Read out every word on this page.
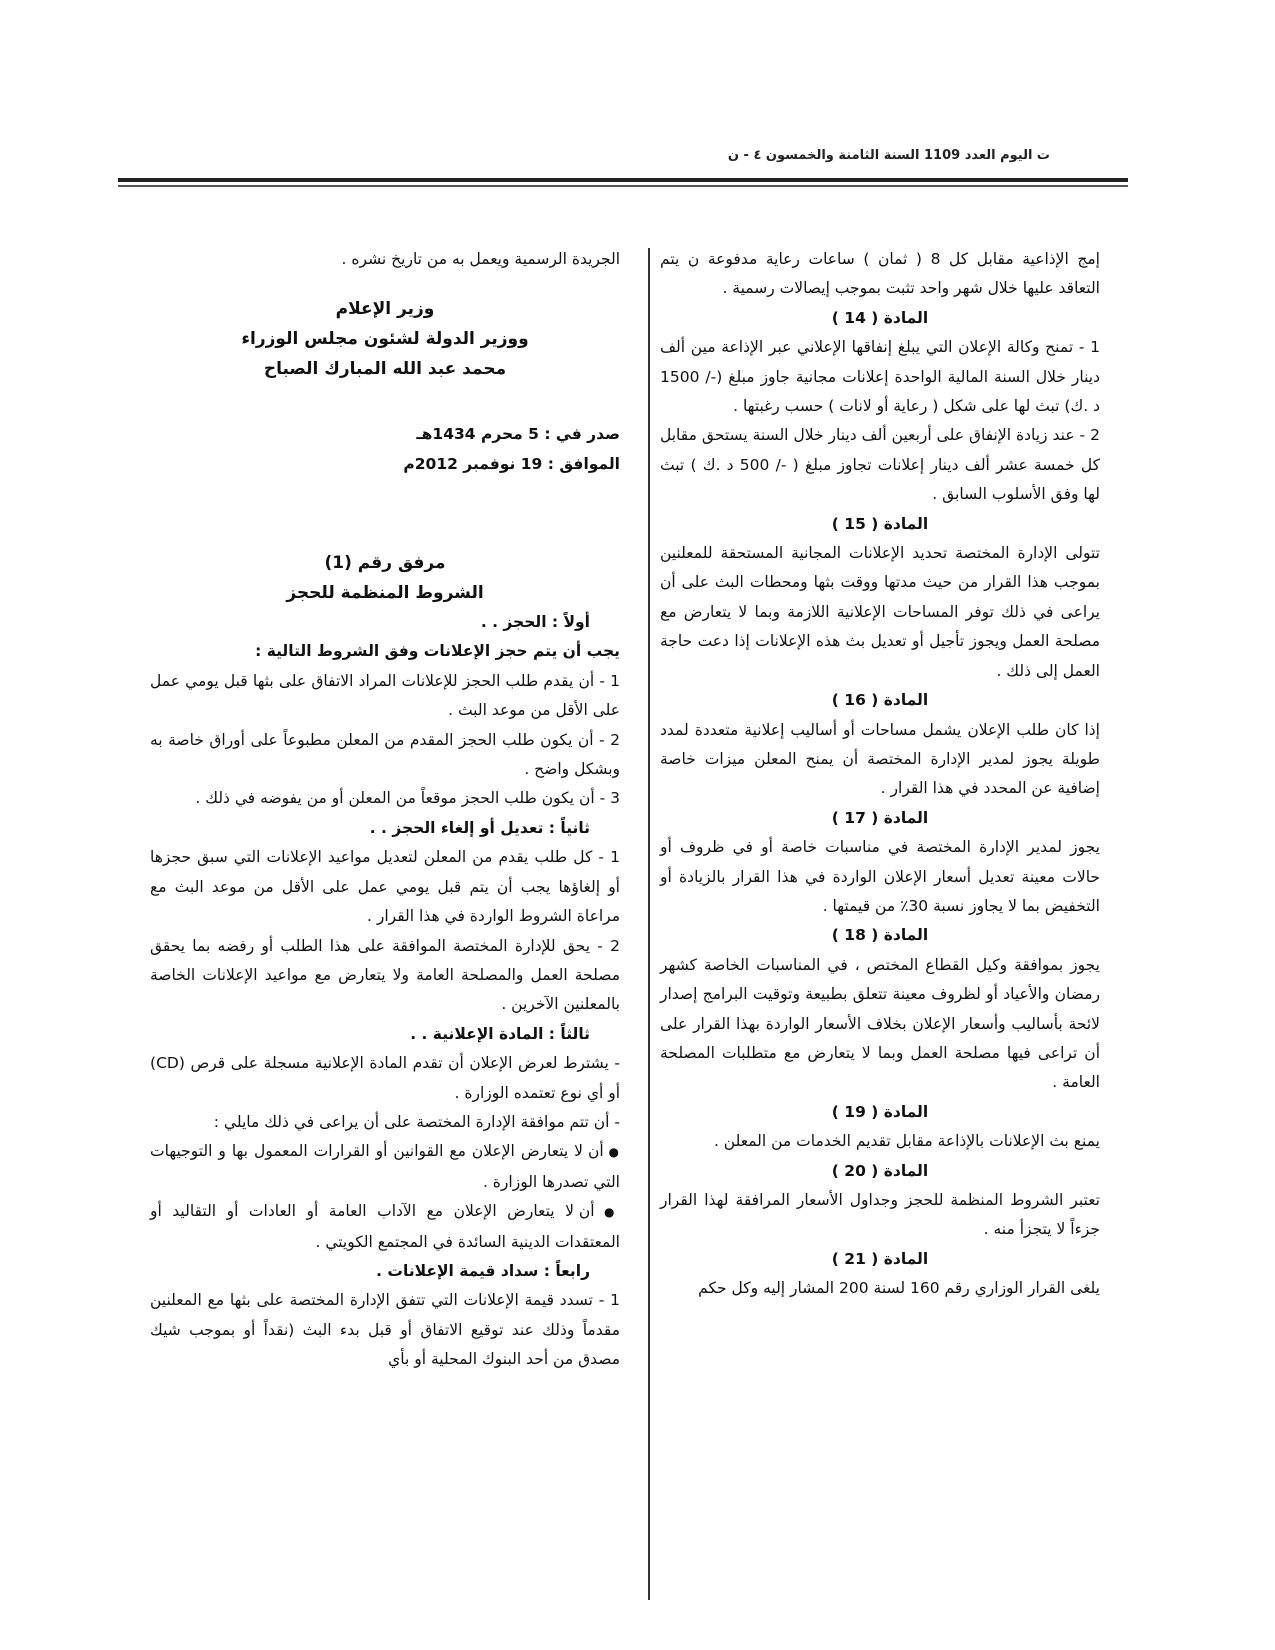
ت اليوم العدد 1109 السنة الثامنة والخمسون ٤ - ن

إمج الإذاعية مقابل كل 8 ( ثمان ) ساعات رعاية مدفوعة ن يتم التعاقد عليها خلال شهر واحد تثبت بموجب إيصالات رسمية .

المادة ( 14 )

1 - تمنح وكالة الإعلان التي يبلغ إنفاقها الإعلاني عبر الإذاعة مين ألف دينار خلال السنة المالية الواحدة إعلانات مجانية جاوز مبلغ (-/ 1500 د .ك) تبث لها على شكل ( رعاية أو لانات ) حسب رغبتها .

2 - عند زيادة الإنفاق على أربعين ألف دينار خلال السنة يستحق مقابل كل خمسة عشر ألف دينار إعلانات تجاوز مبلغ ( -/ 500 د .ك ) تبث لها وفق الأسلوب السابق .

المادة ( 15 )

تتولى الإدارة المختصة تحديد الإعلانات المجانية المستحقة للمعلنين بموجب هذا القرار من حيث مدتها ووقت بثها ومحطات البث على أن يراعى في ذلك توفر المساحات الإعلانية اللازمة وبما لا يتعارض مع مصلحة العمل ويجوز تأجيل أو تعديل بث هذه الإعلانات إذا دعت حاجة العمل إلى ذلك .

المادة ( 16 )

إذا كان طلب الإعلان يشمل مساحات أو أساليب إعلانية متعددة لمدد طويلة يجوز لمدير الإدارة المختصة أن يمنح المعلن ميزات خاصة إضافية عن المحدد في هذا القرار .

المادة ( 17 )

يجوز لمدير الإدارة المختصة في مناسبات خاصة أو في ظروف أو حالات معينة تعديل أسعار الإعلان الواردة في هذا القرار بالزيادة أو التخفيض بما لا يجاوز نسبة 30٪ من قيمتها .

المادة ( 18 )

يجوز بموافقة وكيل القطاع المختص ، في المناسبات الخاصة كشهر رمضان والأعياد أو لظروف معينة تتعلق بطبيعة وتوقيت البرامج إصدار لائحة بأساليب وأسعار الإعلان بخلاف الأسعار الواردة بهذا القرار على أن تراعى فيها مصلحة العمل وبما لا يتعارض مع متطلبات المصلحة العامة .

المادة ( 19 )

يمنع بث الإعلانات بالإذاعة مقابل تقديم الخدمات من المعلن .

المادة ( 20 )

تعتبر الشروط المنظمة للحجز وجداول الأسعار المرافقة لهذا القرار جزءاً لا يتجزأ منه .

المادة ( 21 )

يلغى القرار الوزاري رقم 160 لسنة 200 المشار إليه وكل حكم

الجريدة الرسمية ويعمل به من تاريخ نشره .

وزير الإعلام

ووزير الدولة لشئون مجلس الوزراء

محمد عبد الله المبارك الصباح

صدر في : 5 محرم 1434هـ

الموافق : 19 نوفمبر 2012م

مرفق رقم (1)

الشروط المنظمة للحجز

أولاً : الحجز . .

يجب أن يتم حجز الإعلانات وفق الشروط التالية :

1 - أن يقدم طلب الحجز للإعلانات المراد الاتفاق على بثها قبل يومي عمل على الأقل من موعد البث .

2 - أن يكون طلب الحجز المقدم من المعلن مطبوعاً على أوراق خاصة به وبشكل واضح .

3 - أن يكون طلب الحجز موقعاً من المعلن أو من يفوضه في ذلك .

ثانياً : تعديل أو إلغاء الحجز . .

1 - كل طلب يقدم من المعلن لتعديل مواعيد الإعلانات التي سبق حجزها أو إلغاؤها يجب أن يتم قبل يومي عمل على الأقل من موعد البث مع مراعاة الشروط الواردة في هذا القرار .

2 - يحق للإدارة المختصة الموافقة على هذا الطلب أو رفضه بما يحقق مصلحة العمل والمصلحة العامة ولا يتعارض مع مواعيد الإعلانات الخاصة بالمعلنين الآخرين .

ثالثاً : المادة الإعلانية . .

- يشترط لعرض الإعلان أن تقدم المادة الإعلانية مسجلة على قرص (CD) أو أي نوع تعتمده الوزارة .

- أن تتم موافقة الإدارة المختصة على أن يراعى في ذلك مايلي :

● أن لا يتعارض الإعلان مع القوانين أو القرارات المعمول بها و التوجيهات التي تصدرها الوزارة .

● أن لا يتعارض الإعلان مع الآداب العامة أو العادات أو التقاليد أو المعتقدات الدينية السائدة في المجتمع الكويتي .

رابعاً : سداد قيمة الإعلانات .

1 - تسدد قيمة الإعلانات التي تتفق الإدارة المختصة على بثها مع المعلنين مقدماً وذلك عند توقيع الاتفاق أو قبل بدء البث (نقداً أو بموجب شيك مصدق من أحد البنوك المحلية أو بأي
